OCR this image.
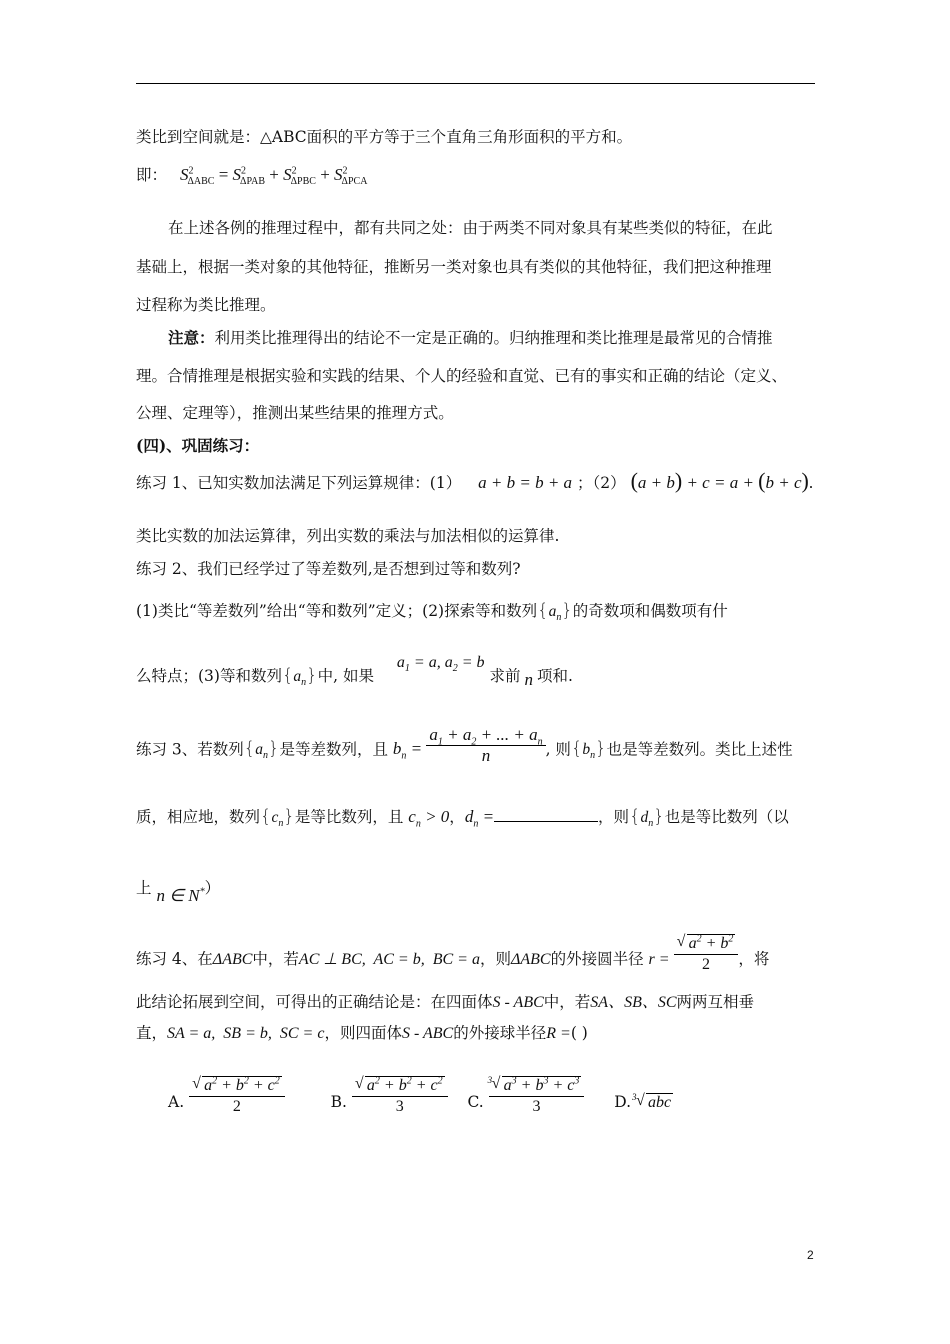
类比到空间就是：△ABC面积的平方等于三个直角三角形面积的平方和。
即： $S^2_{\Delta ABC} = S^2_{\Delta PAB} + S^2_{\Delta PBC} + S^2_{\Delta PCA}$
在上述各例的推理过程中，都有共同之处：由于两类不同对象具有某些类似的特征，在此
基础上，根据一类对象的其他特征，推断另一类对象也具有类似的其他特征，我们把这种推理
过程称为类比推理。
注意：利用类比推理得出的结论不一定是正确的。归纳推理和类比推理是最常见的合情推
理。合情推理是根据实验和实践的结果、个人的经验和直觉、已有的事实和正确的结论（定义、
公理、定理等），推测出某些结果的推理方式。
(四)、巩固练习：
练习 1、已知实数加法满足下列运算规律：(1） a + b = b + a ；（2） (a + b) + c = a + (b + c).
类比实数的加法运算律，列出实数的乘法与加法相似的运算律.
练习 2、我们已经学过了等差数列,是否想到过等和数列?
(1)类比“等差数列”给出“等和数列”定义；(2)探索等和数列$\{a_n\}$的奇数项和偶数项有什
么特点；(3)等和数列$\{a_n\}$中, 如果 $a_1 = a$, $a_2 = b$ 求前 n 项和.
练习 3、若数列$\{a_n\}$是等差数列，且 $b_n = \frac{a_1 + a_2 + ... + a_n}{n}$ , 则$\{b_n\}$也是等差数列。类比上述性
质，相应地，数列$\{c_n\}$是等比数列，且 $c_n > 0$，$d_n$ =	，则$\{d_n\}$也是等比数列（以
上 n ∈ N*）
练习 4、在ΔABC中，若AC ⊥ BC,  AC = b,  BC = a，则ΔABC的外接圆半径 $r = \frac{√ a^2 + b^2}{2}$ ，将
此结论拓展到空间，可得出的正确结论是：在四面体S - ABC中，若SA、SB、SC两两互相垂
直，SA = a,  SB = b,  SC = c，则四面体S - ABC的外接球半径R =( )
A. $\frac{√ a^2 + b^2 + c^2}{2}$	B. $\frac{√ a^2 + b^2 + c^2}{3} C$. $\frac{3 √ a^3 + b^3 + c^3}{3} D$. 3 √ abc
2
